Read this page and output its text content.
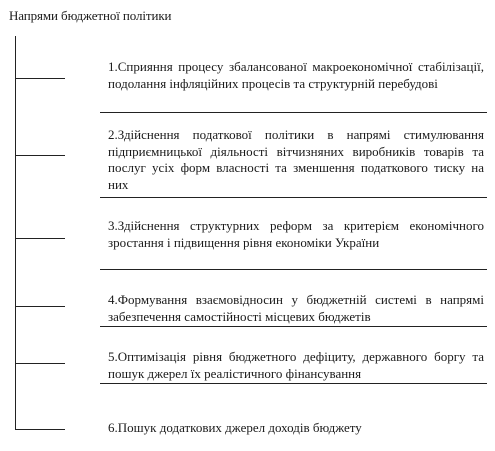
Напрями бюджетної політики
1.Сприяння процесу збалансованої макроекономічної стабілізації, подолання інфляційних процесів та структурній перебудові
2.Здійснення податкової політики в напрямі стимулювання підприємницької діяльності вітчизняних виробників товарів та послуг усіх форм власності та зменшення податкового тиску на них
3.Здійснення структурних реформ за критерієм економічного зростання і підвищення рівня економіки України
4.Формування взаємовідносин у бюджетній системі в напрямі забезпечення самостійності місцевих бюджетів
5.Оптимізація рівня бюджетного дефіциту, державного боргу та пошук джерел їх реалістичного фінансування
6.Пошук додаткових джерел доходів бюджету
